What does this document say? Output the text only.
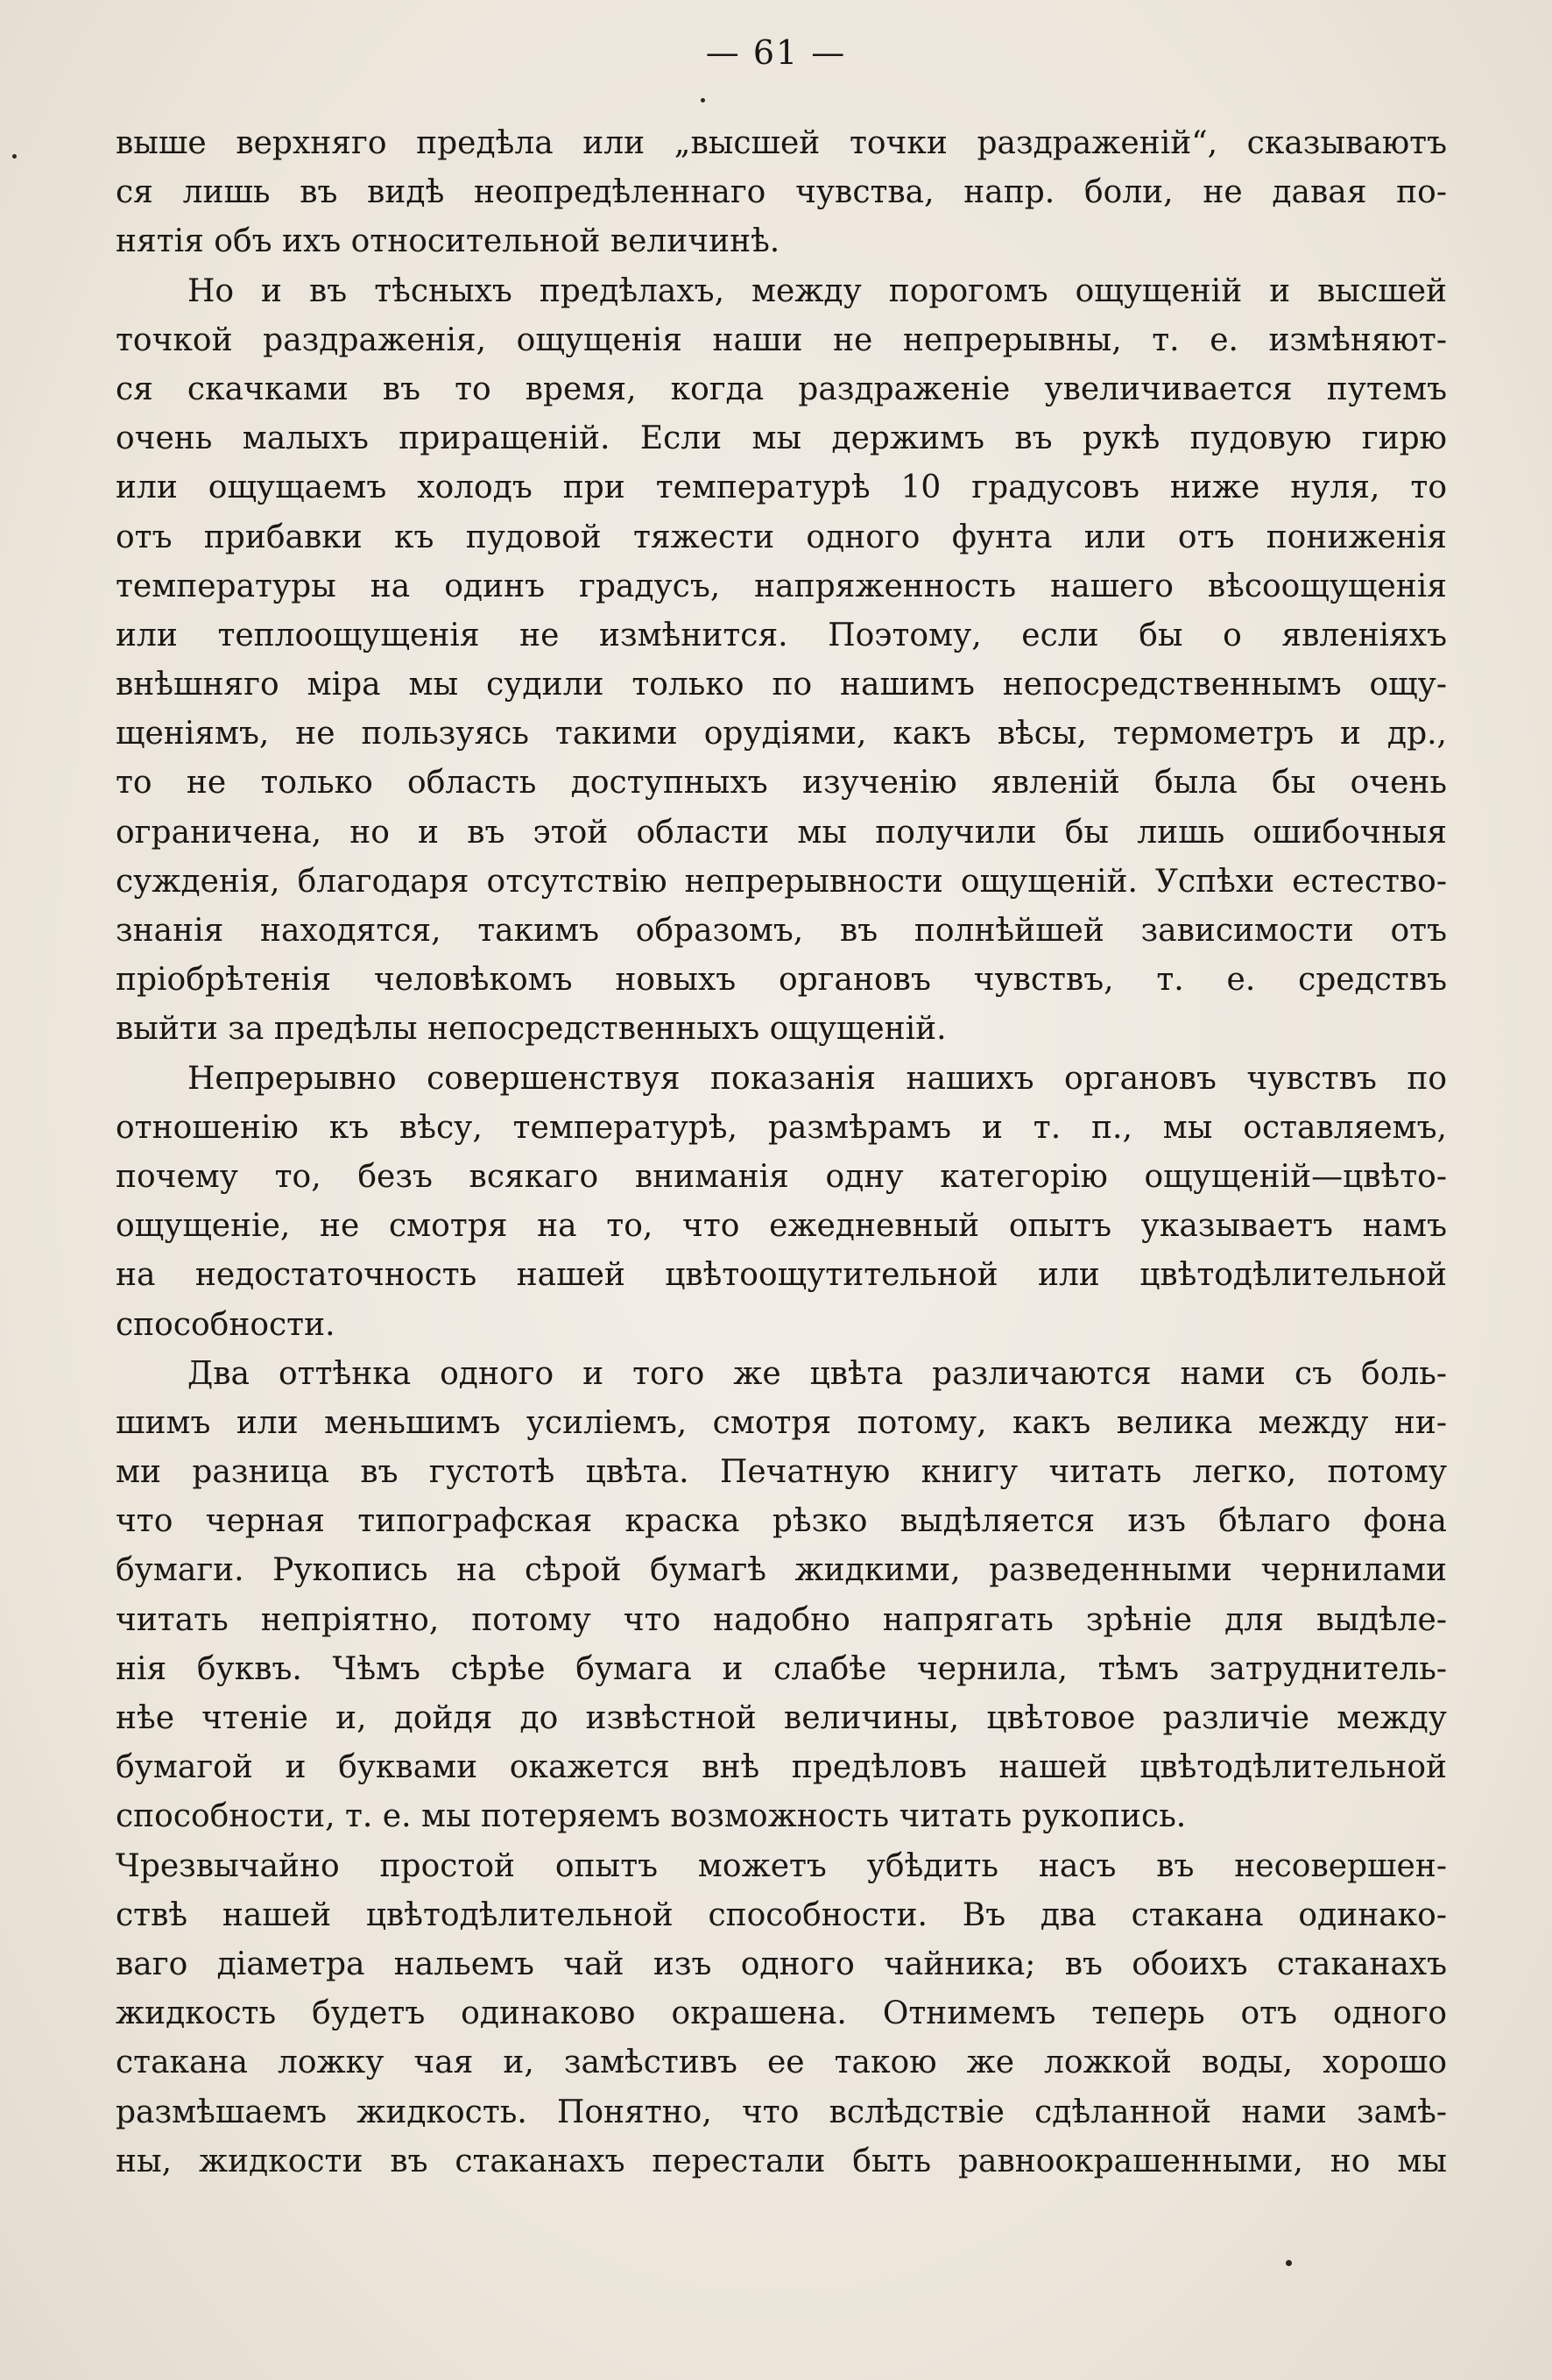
— 61 —
выше верхняго предѣла или „высшей точки раздраженій“, сказываютъ
ся лишь въ видѣ неопредѣленнаго чувства, напр. боли, не давая по-
нятія объ ихъ относительной величинѣ.
Но и въ тѣсныхъ предѣлахъ, между порогомъ ощущеній и высшей
точкой раздраженія, ощущенія наши не непрерывны, т. е. измѣняют-
ся скачками въ то время, когда раздраженіе увеличивается путемъ
очень малыхъ приращеній. Если мы держимъ въ рукѣ пудовую гирю
или ощущаемъ холодъ при температурѣ 10 градусовъ ниже нуля, то
отъ прибавки къ пудовой тяжести одного фунта или отъ пониженія
температуры на одинъ градусъ, напряженность нашего вѣсоощущенія
или теплоощущенія не измѣнится. Поэтому, если бы о явленіяхъ
внѣшняго міра мы судили только по нашимъ непосредственнымъ ощу-
щеніямъ, не пользуясь такими орудіями, какъ вѣсы, термометръ и др.,
то не только область доступныхъ изученію явленій была бы очень
ограничена, но и въ этой области мы получили бы лишь ошибочныя
сужденія, благодаря отсутствію непрерывности ощущеній. Успѣхи естество-
знанія находятся, такимъ образомъ, въ полнѣйшей зависимости отъ
пріобрѣтенія человѣкомъ новыхъ органовъ чувствъ, т. е. средствъ
выйти за предѣлы непосредственныхъ ощущеній.
Непрерывно совершенствуя показанія нашихъ органовъ чувствъ по
отношенію къ вѣсу, температурѣ, размѣрамъ и т. п., мы оставляемъ,
почему то, безъ всякаго вниманія одну категорію ощущеній—цвѣто-
ощущеніе, не смотря на то, что ежедневный опытъ указываетъ намъ
на недостаточность нашей цвѣтоощутительной или цвѣтодѣлительной
способности.
Два оттѣнка одного и того же цвѣта различаются нами съ боль-
шимъ или меньшимъ усиліемъ, смотря потому, какъ велика между ни-
ми разница въ густотѣ цвѣта. Печатную книгу читать легко, потому
что черная типографская краска рѣзко выдѣляется изъ бѣлаго фона
бумаги. Рукопись на сѣрой бумагѣ жидкими, разведенными чернилами
читать непріятно, потому что надобно напрягать зрѣніе для выдѣле-
нія буквъ. Чѣмъ сѣрѣе бумага и слабѣе чернила, тѣмъ затруднитель-
нѣе чтеніе и, дойдя до извѣстной величины, цвѣтовое различіе между
бумагой и буквами окажется внѣ предѣловъ нашей цвѣтодѣлительной
способности, т. е. мы потеряемъ возможность читать рукопись.
Чрезвычайно простой опытъ можетъ убѣдить насъ въ несовершен-
ствѣ нашей цвѣтодѣлительной способности. Въ два стакана одинако-
ваго діаметра нальемъ чай изъ одного чайника; въ обоихъ стаканахъ
жидкость будетъ одинаково окрашена. Отнимемъ теперь отъ одного
стакана ложку чая и, замѣстивъ ее такою же ложкой воды, хорошо
размѣшаемъ жидкость. Понятно, что вслѣдствіе сдѣланной нами замѣ-
ны, жидкости въ стаканахъ перестали быть равноокрашенными, но мы
